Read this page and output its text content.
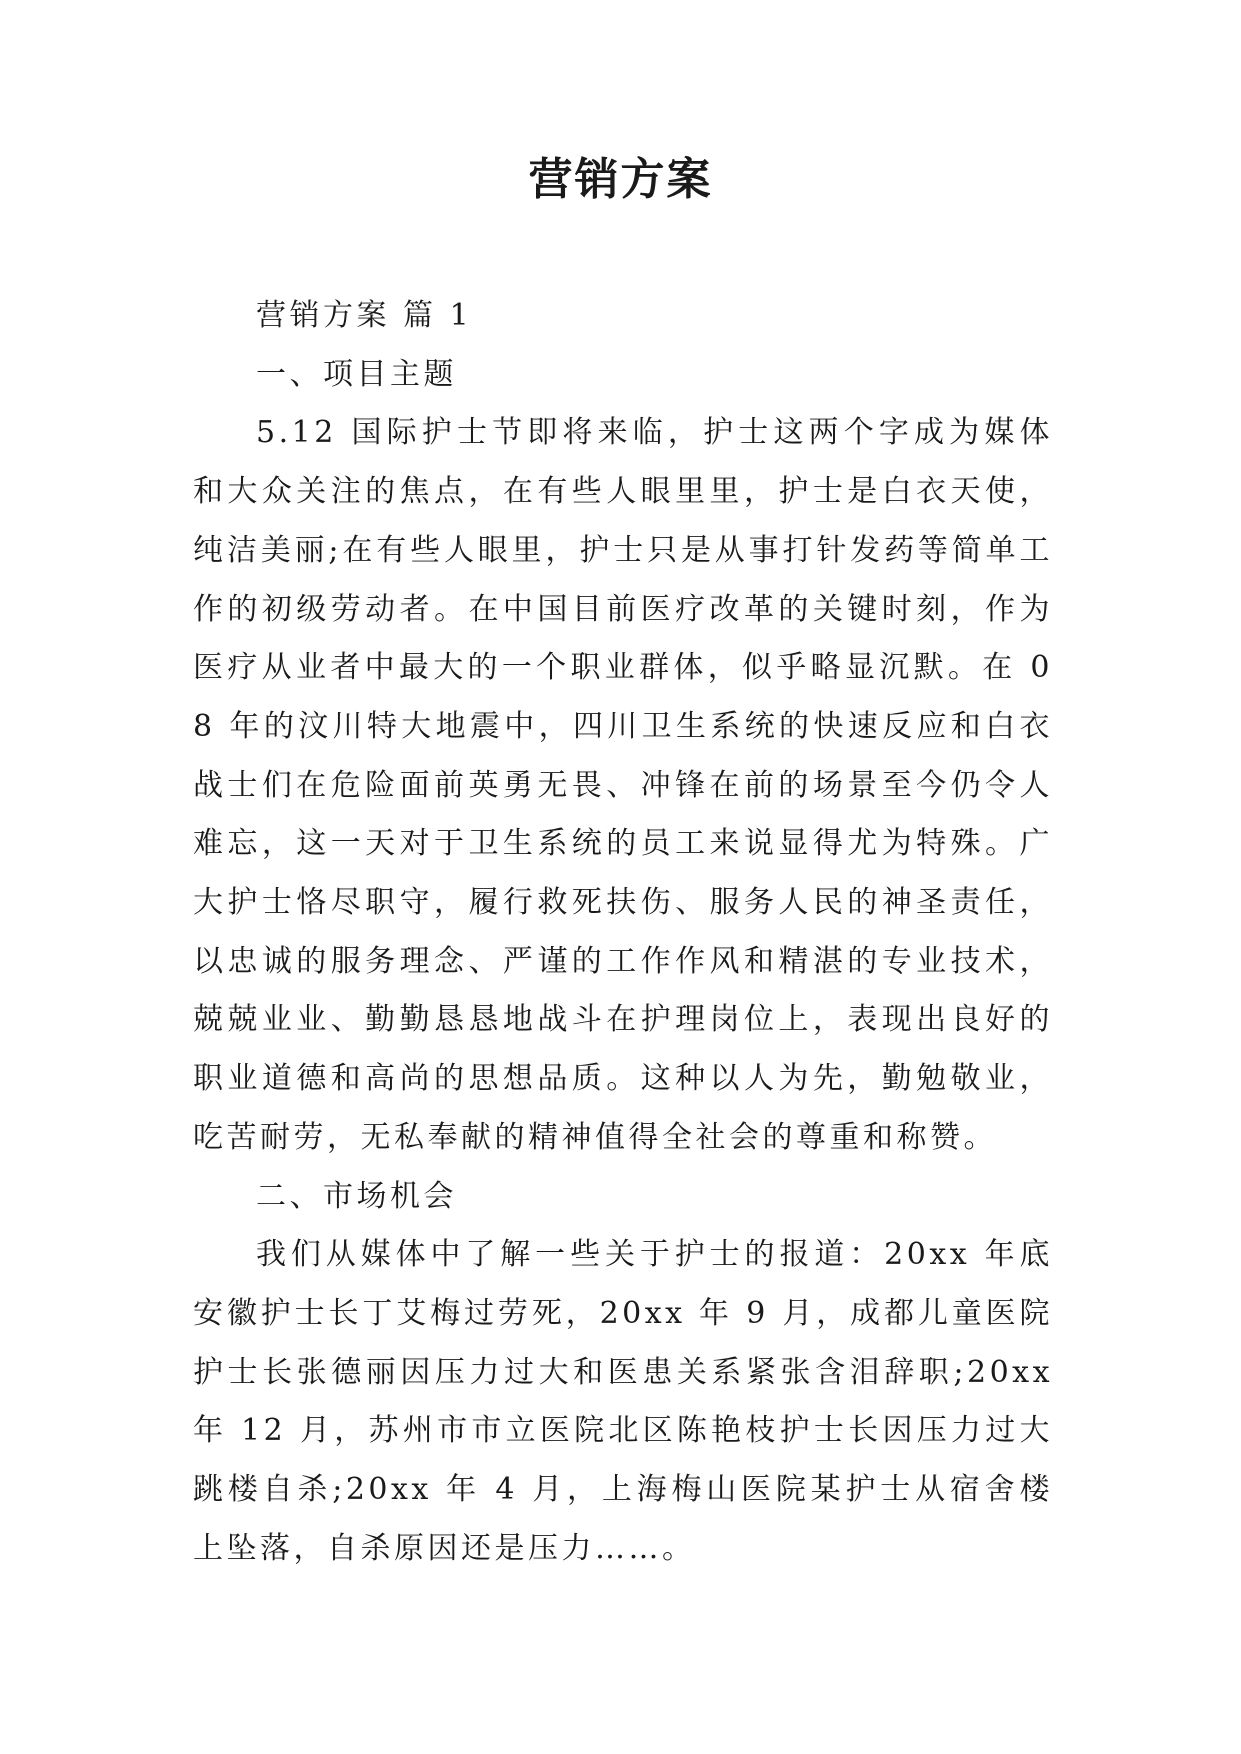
营销方案

营销方案 篇 1

一、项目主题

5.12 国际护士节即将来临，护士这两个字成为媒体和大众关注的焦点，在有些人眼里里，护士是白衣天使，纯洁美丽;在有些人眼里，护士只是从事打针发药等简单工作的初级劳动者。在中国目前医疗改革的关键时刻，作为医疗从业者中最大的一个职业群体，似乎略显沉默。在 08 年的汶川特大地震中，四川卫生系统的快速反应和白衣战士们在危险面前英勇无畏、冲锋在前的场景至今仍令人难忘，这一天对于卫生系统的员工来说显得尤为特殊。广大护士恪尽职守，履行救死扶伤、服务人民的神圣责任，以忠诚的服务理念、严谨的工作作风和精湛的专业技术，兢兢业业、勤勤恳恳地战斗在护理岗位上，表现出良好的职业道德和高尚的思想品质。这种以人为先，勤勉敬业，吃苦耐劳，无私奉献的精神值得全社会的尊重和称赞。

二、市场机会

我们从媒体中了解一些关于护士的报道：20xx 年底安徽护士长丁艾梅过劳死，20xx 年 9 月，成都儿童医院护士长张德丽因压力过大和医患关系紧张含泪辞职;20xx 年 12 月，苏州市市立医院北区陈艳枝护士长因压力过大跳楼自杀;20xx 年 4 月，上海梅山医院某护士从宿舍楼上坠落，自杀原因还是压力……。
